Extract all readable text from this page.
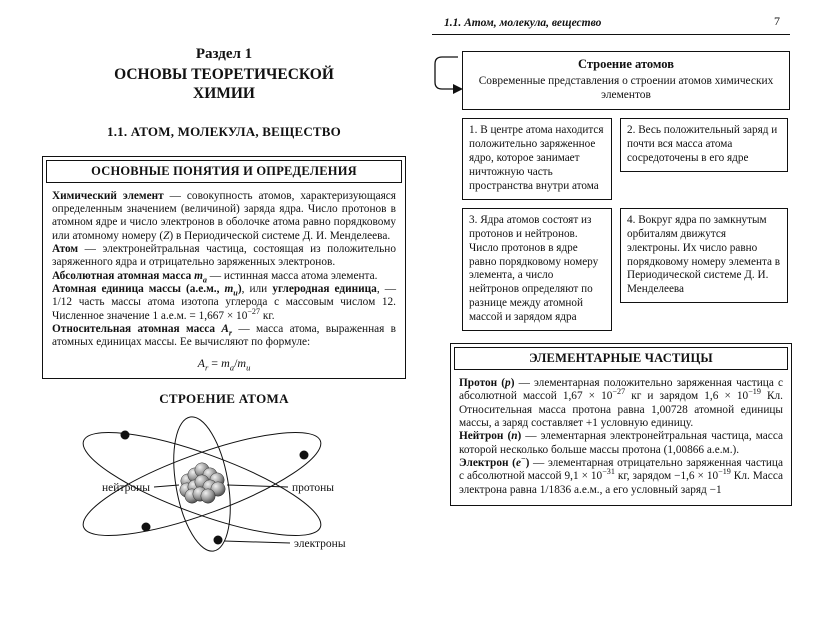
Раздел 1
ОСНОВЫ ТЕОРЕТИЧЕСКОЙ
ХИМИИ
1.1. АТОМ, МОЛЕКУЛА, ВЕЩЕСТВО
ОСНОВНЫЕ ПОНЯТИЯ И ОПРЕДЕЛЕНИЯ

Химический элемент — совокупность атомов, характеризующаяся определенным значением (величиной) заряда ядра. Число протонов в атомном ядре и число электронов в оболочке атома равно порядковому или атомному номеру (Z) в Периодической системе Д. И. Менделеева.

Атом — электронейтральная частица, состоящая из положительно заряженного ядра и отрицательно заряженных электронов.

Абсолютная атомная масса $m_a$ — истинная масса атома элемента.

Атомная единица массы (а.е.м., $m_u$), или углеродная единица, — 1/12 часть массы атома изотопа углерода с массовым числом 12. Численное значение 1 а.е.м. = $1,667 \times 10^{-27}$ кг.

Относительная атомная масса $A_r$ — масса атома, выраженная в атомных единицах массы. Ее вычисляют по формуле:

$A_r = m_a/m_u$
СТРОЕНИЕ АТОМА
нейтроны	протоны
электроны
1.1. Атом, молекула, вещество	7
Строение атомов
Современные представления о строении атомов химических элементов
1. В центре атома находится положительно заряженное ядро, которое занимает ничтожную часть пространства внутри атома
2. Весь положительный заряд и почти вся масса атома сосредоточены в его ядре
3. Ядра атомов состоят из протонов и нейтронов. Число протонов в ядре равно порядковому номеру элемента, а число нейтронов определяют по разнице между атомной массой и зарядом ядра
4. Вокруг ядра по замкнутым орбиталям движутся электроны. Их число равно порядковому номеру элемента в Периодической системе Д. И. Менделеева
ЭЛЕМЕНТАРНЫЕ ЧАСТИЦЫ

Протон (p) — элементарная положительно заряженная частица с абсолютной массой $1,67 \times 10^{-27}$ кг и зарядом $1,6 \times 10^{-19}$ Кл. Относительная масса протона равна 1,00728 атомной единицы массы, а заряд составляет +1 условную единицу.

Нейтрон (n) — элементарная электронейтральная частица, масса которой несколько больше массы протона (1,00866 а.е.м.).

Электрон (e−) — элементарная отрицательно заряженная частица с абсолютной массой $9,1 \times 10^{-31}$ кг, зарядом $-1,6 \times 10^{-19}$ Кл. Масса электрона равна 1/1836 а.е.м., а его условный заряд −1
